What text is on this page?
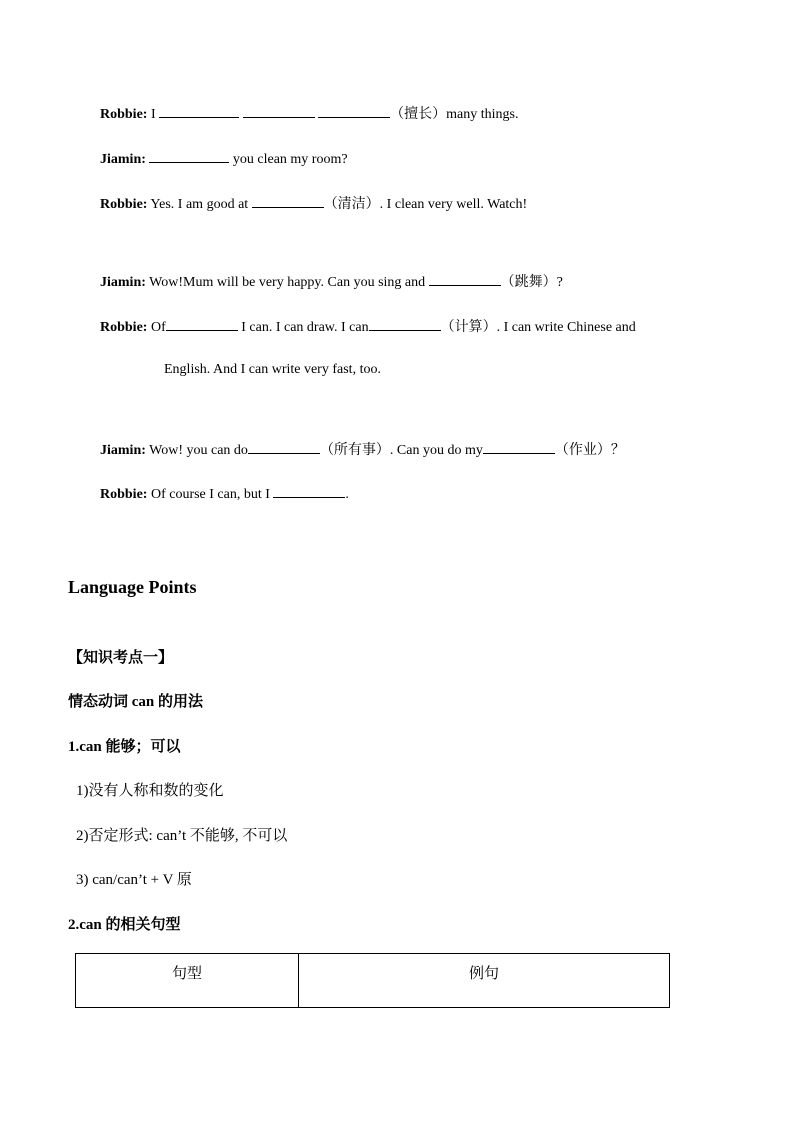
Robbie: I	（擅长）many things.
Jiamin:	you clean my room?
Robbie: Yes. I am good at	（清洁）. I clean very well. Watch!
Jiamin: Wow!Mum will be very happy. Can you sing and	（跳舞）?
Robbie: Of	I can. I can draw. I can	（计算）. I can write Chinese and
English. And I can write very fast, too.
Jiamin: Wow! you can do	（所有事）. Can you do my	（作业）？
Robbie: Of course I can, but I	.
Language Points
【知识考点一】
情态动词 can 的用法
1.can 能够；可以
1)没有人称和数的变化
2)否定形式: can’t 不能够, 不可以
3) can/can’t + V 原
2.can 的相关句型
句型	例句
